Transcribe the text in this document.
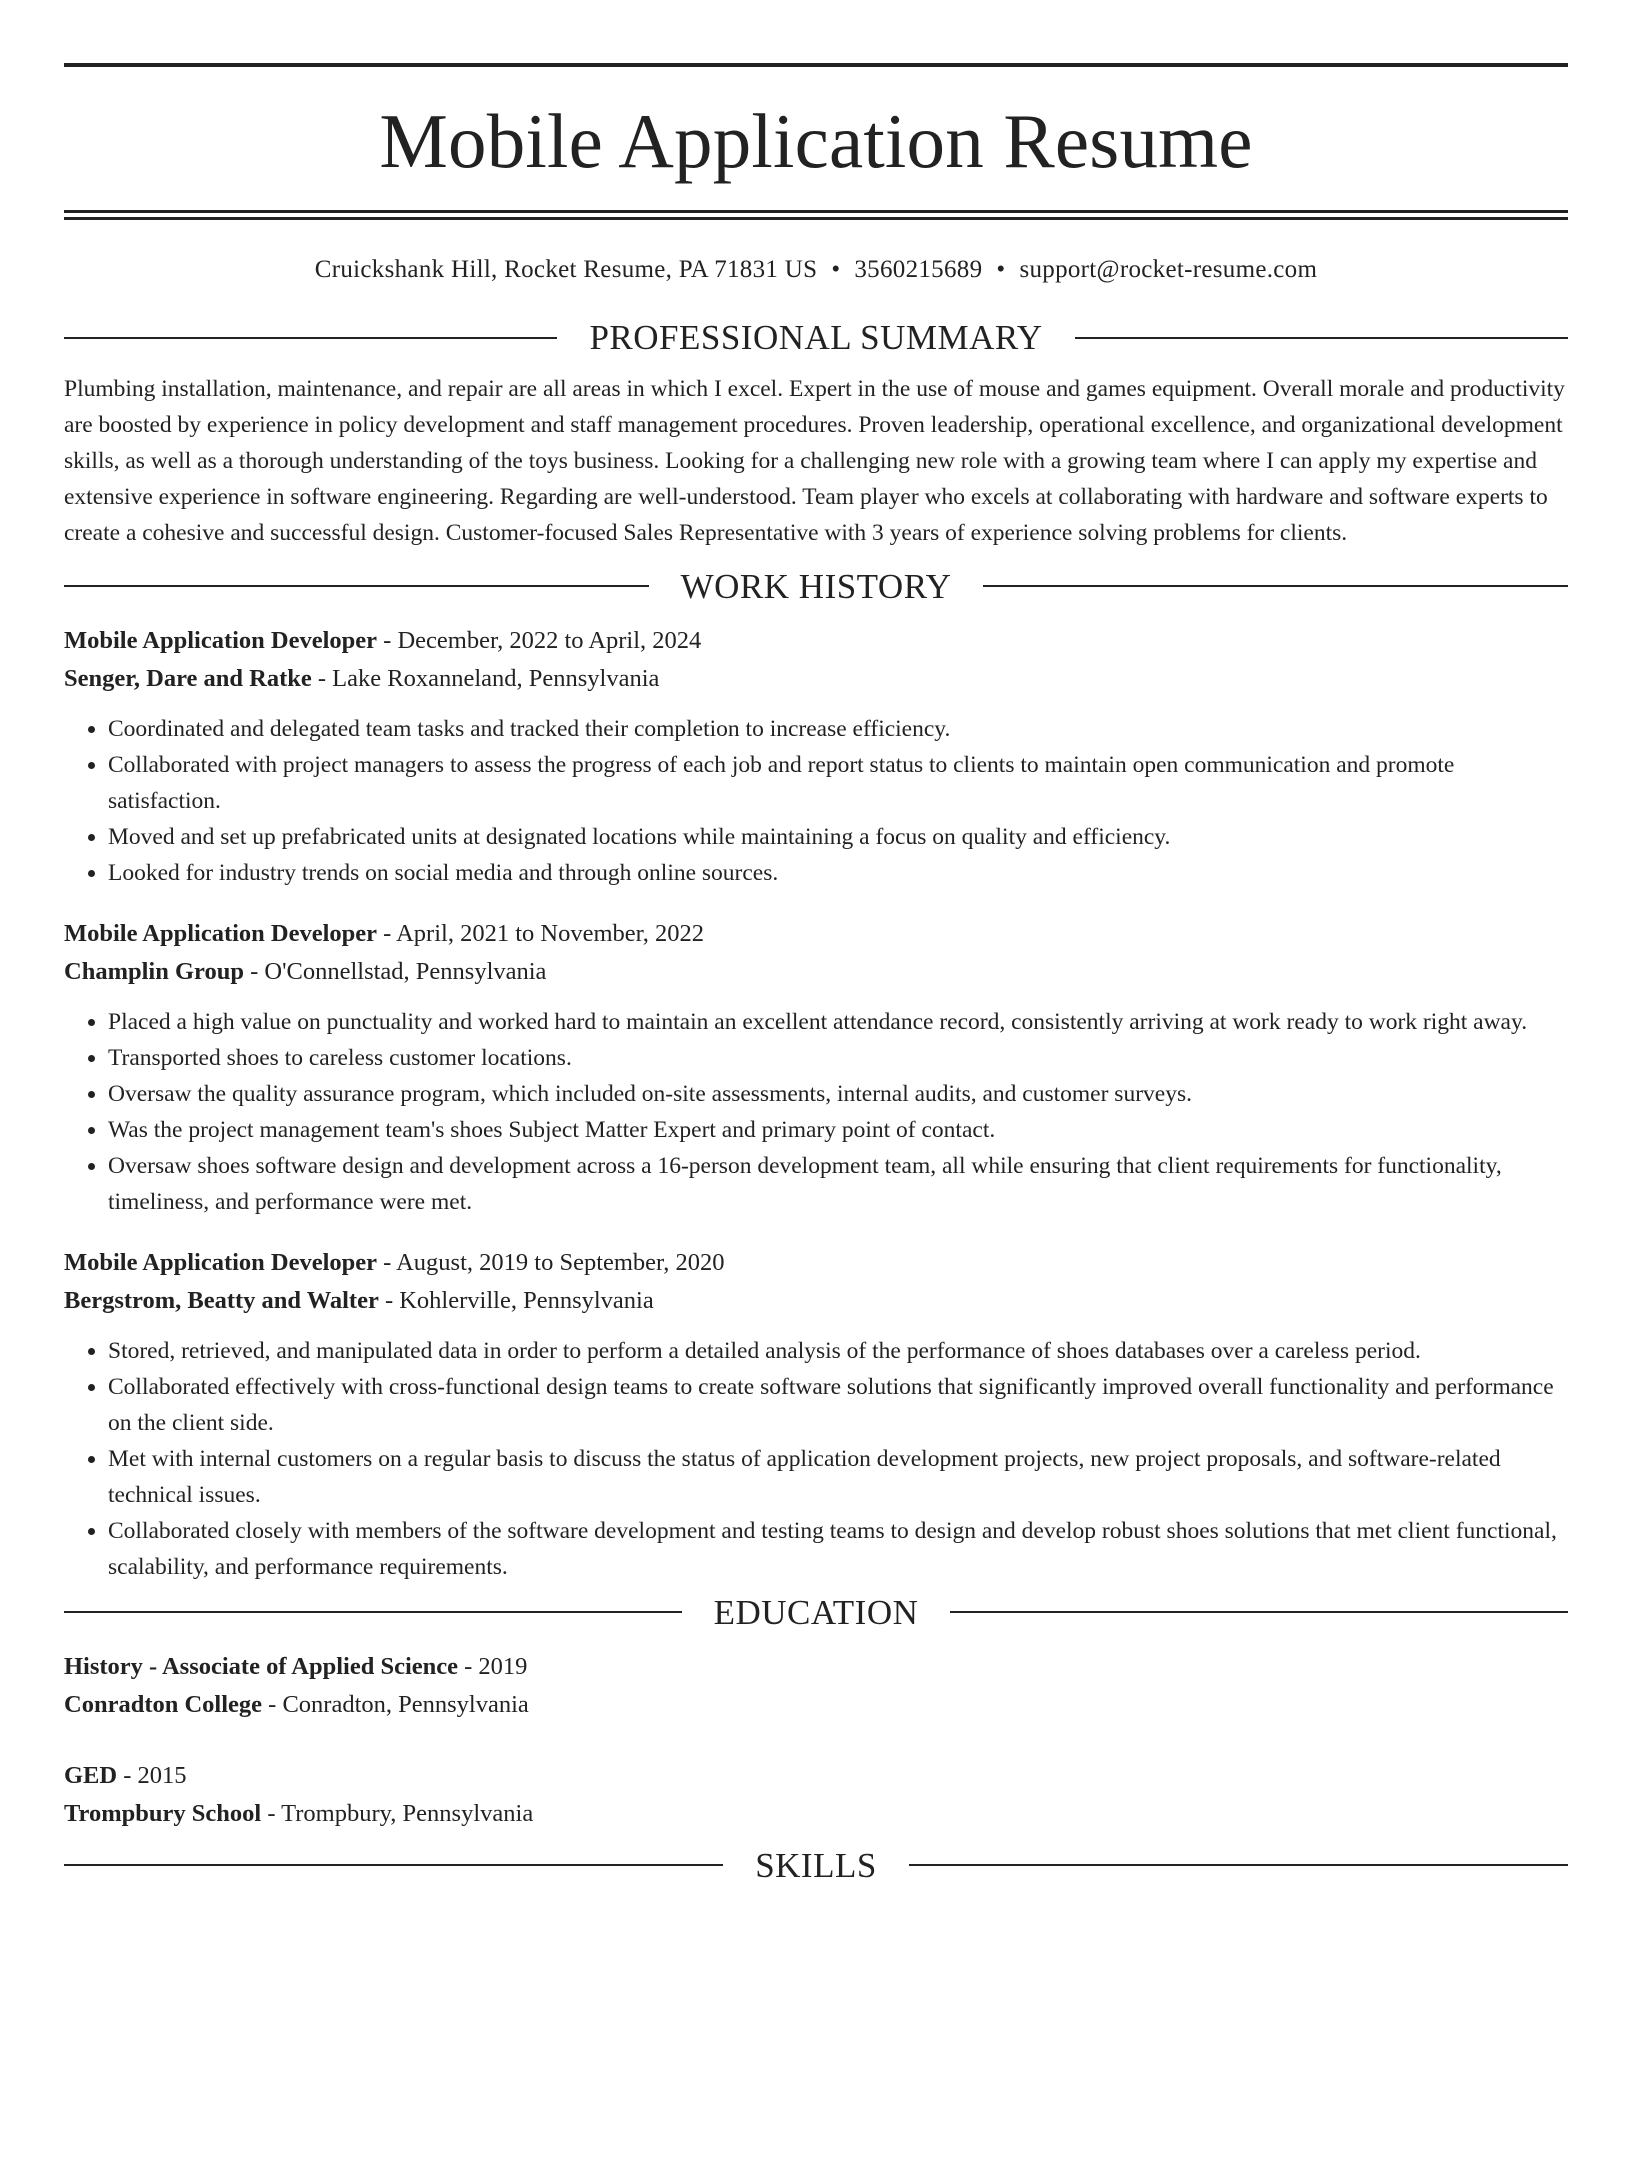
Mobile Application Resume
Cruickshank Hill, Rocket Resume, PA 71831 US • 3560215689 • support@rocket-resume.com
PROFESSIONAL SUMMARY

Plumbing installation, maintenance, and repair are all areas in which I excel. Expert in the use of mouse and games equipment. Overall morale and productivity are boosted by experience in policy development and staff management procedures. Proven leadership, operational excellence, and organizational development skills, as well as a thorough understanding of the toys business. Looking for a challenging new role with a growing team where I can apply my expertise and extensive experience in software engineering. Regarding are well-understood. Team player who excels at collaborating with hardware and software experts to create a cohesive and successful design. Customer-focused Sales Representative with 3 years of experience solving problems for clients.

WORK HISTORY
Mobile Application Developer - December, 2022 to April, 2024
Senger, Dare and Ratke - Lake Roxanneland, Pennsylvania
• Coordinated and delegated team tasks and tracked their completion to increase efficiency.
• Collaborated with project managers to assess the progress of each job and report status to clients to maintain open communication and promote satisfaction.
• Moved and set up prefabricated units at designated locations while maintaining a focus on quality and efficiency.
• Looked for industry trends on social media and through online sources.
Mobile Application Developer - April, 2021 to November, 2022
Champlin Group - O'Connellstad, Pennsylvania
• Placed a high value on punctuality and worked hard to maintain an excellent attendance record, consistently arriving at work ready to work right away.
• Transported shoes to careless customer locations.
• Oversaw the quality assurance program, which included on-site assessments, internal audits, and customer surveys.
• Was the project management team's shoes Subject Matter Expert and primary point of contact.
• Oversaw shoes software design and development across a 16-person development team, all while ensuring that client requirements for functionality, timeliness, and performance were met.
Mobile Application Developer - August, 2019 to September, 2020
Bergstrom, Beatty and Walter - Kohlerville, Pennsylvania
• Stored, retrieved, and manipulated data in order to perform a detailed analysis of the performance of shoes databases over a careless period.
• Collaborated effectively with cross-functional design teams to create software solutions that significantly improved overall functionality and performance on the client side.
• Met with internal customers on a regular basis to discuss the status of application development projects, new project proposals, and software-related technical issues.
• Collaborated closely with members of the software development and testing teams to design and develop robust shoes solutions that met client functional, scalability, and performance requirements.
EDUCATION
History - Associate of Applied Science - 2019
Conradton College - Conradton, Pennsylvania
GED - 2015
Trompbury School - Trompbury, Pennsylvania
SKILLS
